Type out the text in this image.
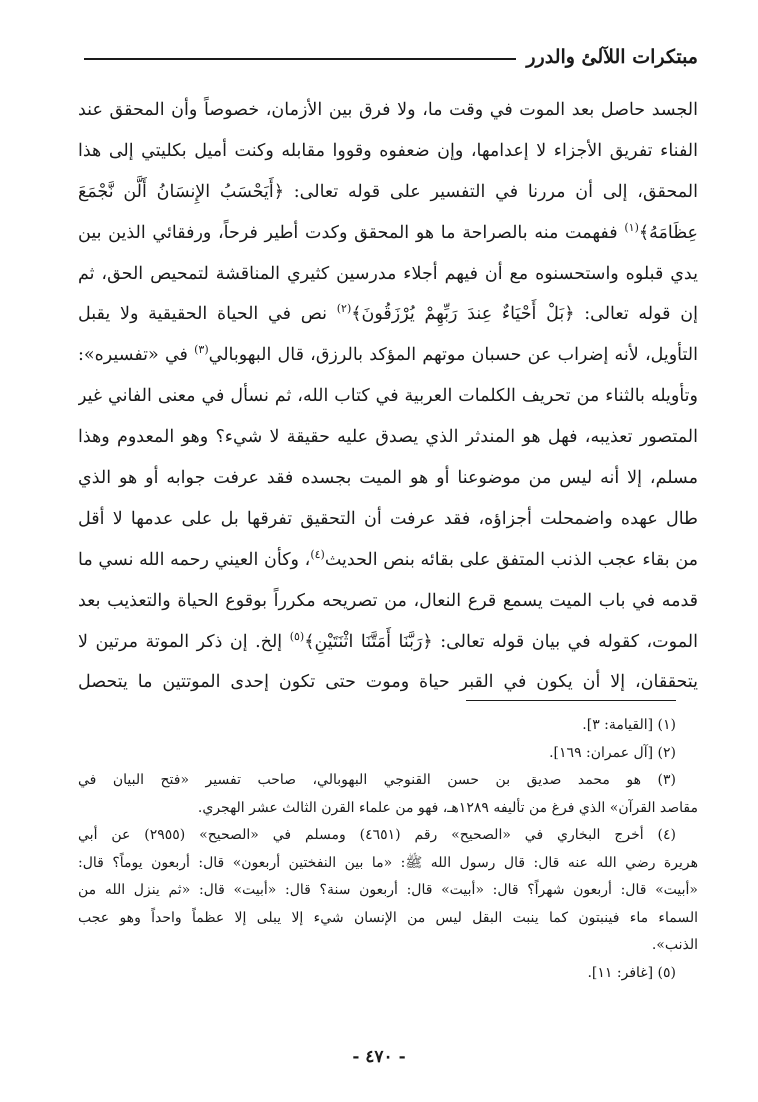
مبتكرات اللآلئ والدرر
الجسد حاصل بعد الموت في وقت ما، ولا فرق بين الأزمان، خصوصاً وأن المحقق عند
الفناء تفريق الأجزاء لا إعدامها، وإن ضعفوه وقووا مقابله وكنت أميل بكليتي إلى هذا
المحقق، إلى أن مررنا في التفسير على قوله تعالى: ﴿أَيَحْسَبُ الإِنسَانُ أَلَّن نَّجْمَعَ
عِظَامَهُ﴾$^{(١)}$ ففهمت منه بالصراحة ما هو المحقق وكدت أطير فرحاً، ورفقائي الذين بين
يدي قبلوه واستحسنوه مع أن فيهم أجلاء مدرسين كثيري المناقشة لتمحيص الحق، ثم
إن قوله تعالى: ﴿بَلْ أَحْيَاءٌ عِندَ رَبِّهِمْ يُرْزَقُونَ﴾$^{(٢)}$ نص في الحياة الحقيقية ولا يقبل
التأويل، لأنه إضراب عن حسبان موتهم المؤكد بالرزق، قال البهوبالي$^{(٣)}$ في «تفسيره»:
وتأويله بالثناء من تحريف الكلمات العربية في كتاب الله، ثم نسأل في معنى الفاني غير
المتصور تعذيبه، فهل هو المندثر الذي يصدق عليه حقيقة لا شيء؟ وهو المعدوم وهذا
مسلم، إلا أنه ليس من موضوعنا أو هو الميت بجسده فقد عرفت جوابه أو هو الذي
طال عهده واضمحلت أجزاؤه، فقد عرفت أن التحقيق تفرقها بل على عدمها لا أقل
من بقاء عجب الذنب المتفق على بقائه بنص الحديث$^{(٤)}$، وكأن العيني رحمه الله نسي ما
قدمه في باب الميت يسمع قرع النعال، من تصريحه مكرراً بوقوع الحياة والتعذيب بعد
الموت، كقوله في بيان قوله تعالى: ﴿رَبَّنَا أَمَتَّنَا اثْنَتَيْنِ﴾$^{(٥)}$ إلخ. إن ذكر الموتة مرتين لا
يتحققان، إلا أن يكون في القبر حياة وموت حتى تكون إحدى الموتتين ما يتحصل
(١) [القيامة: ٣].
(٢) [آل عمران: ١٦٩].
(٣) هو محمد صديق بن حسن القنوجي البهوبالي، صاحب تفسير «فتح البيان في
مقاصد القرآن» الذي فرغ من تأليفه ١٢٨٩هـ، فهو من علماء القرن الثالث عشر الهجري.
(٤) أخرج البخاري في «الصحيح» رقم (٤٦٥١) ومسلم في «الصحيح» (٢٩٥٥) عن أبي
هريرة رضي الله عنه قال: قال رسول الله ﷺ: «ما بين النفختين أربعون» قال: أربعون يوماً؟ قال:
«أبيت» قال: أربعون شهراً؟ قال: «أبيت» قال: أربعون سنة؟ قال: «أبيت» قال: «ثم ينزل الله من
السماء ماء فينبتون كما ينبت البقل ليس من الإنسان شيء إلا يبلى إلا عظماً واحداً وهو عجب
الذنب».
(٥) [غافر: ١١].
- ٤٧٠ -
